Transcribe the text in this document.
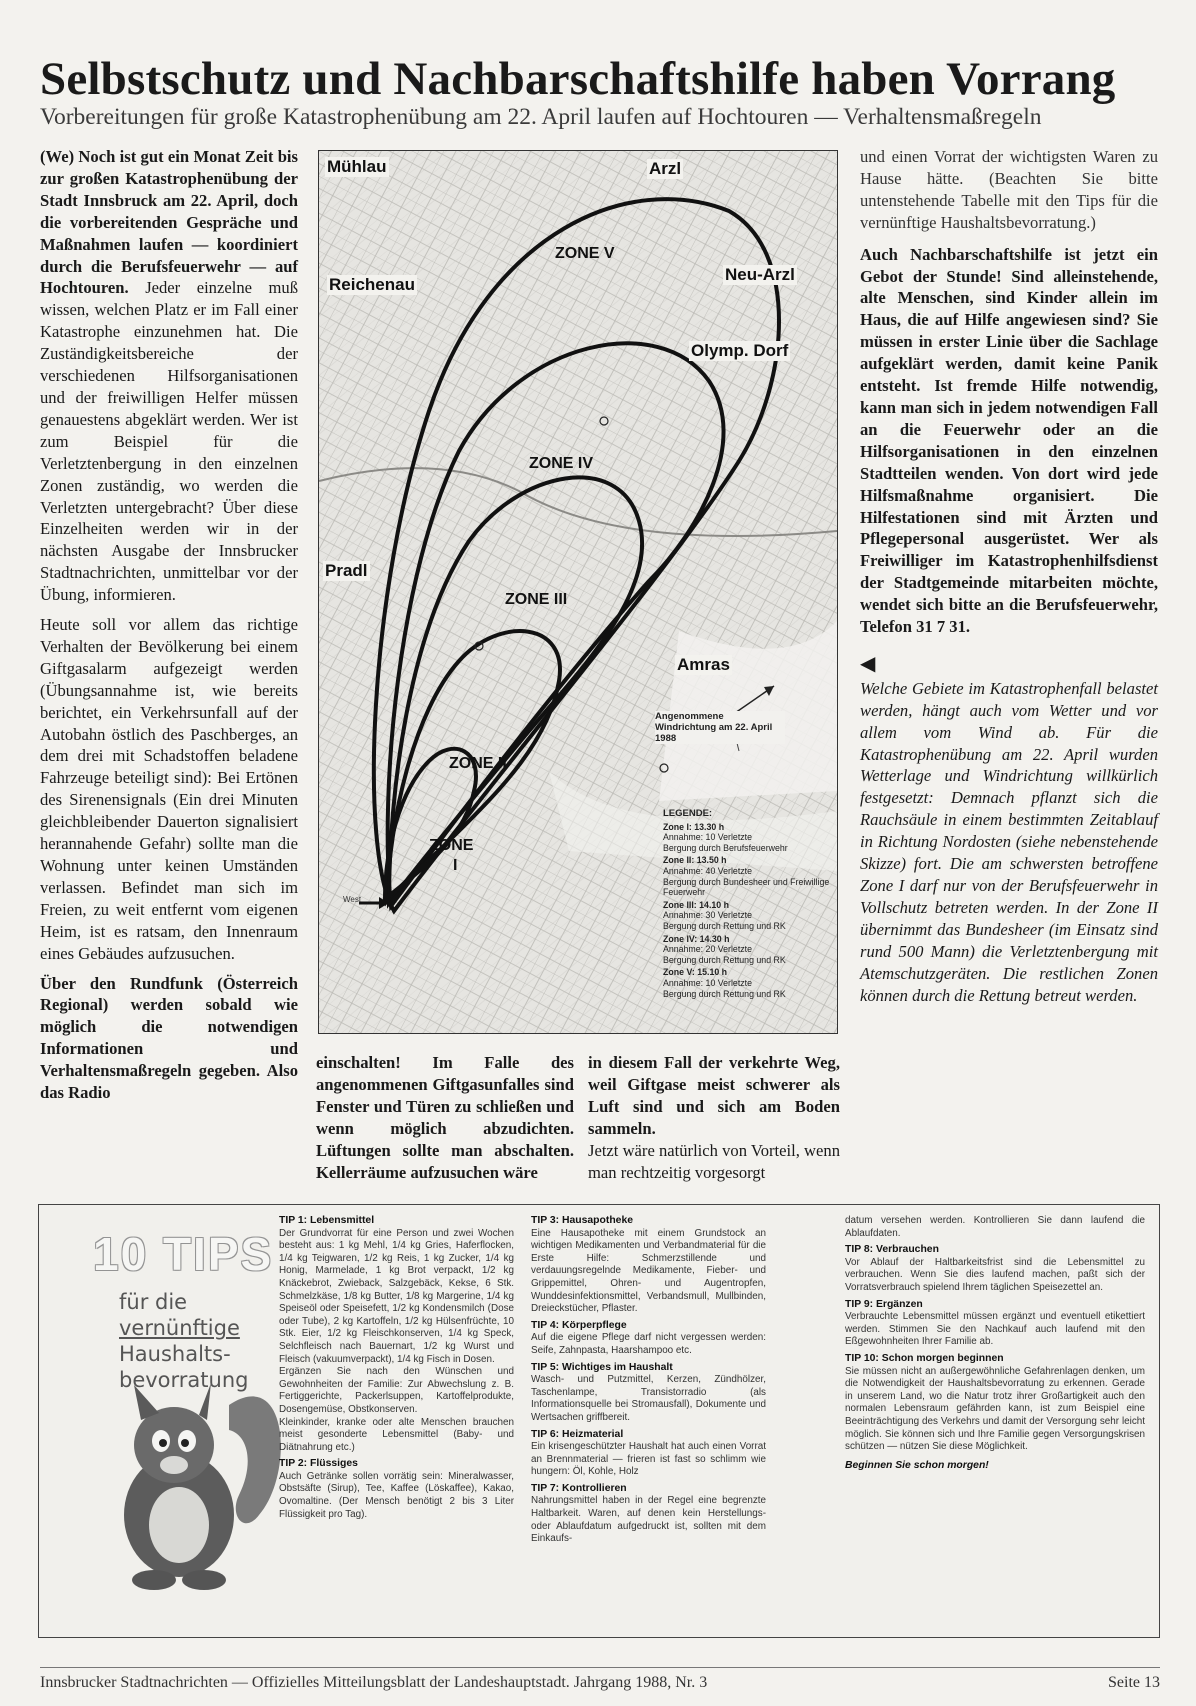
Selbstschutz und Nachbarschaftshilfe haben Vorrang
Vorbereitungen für große Katastrophenübung am 22. April laufen auf Hochtouren — Verhaltensmaßregeln

(We) Noch ist gut ein Monat Zeit bis zur großen Katastrophenübung der Stadt Innsbruck am 22. April, doch die vorbereitenden Gespräche und Maßnahmen laufen — koordiniert durch die Berufsfeuerwehr — auf Hochtouren. Jeder einzelne muß wissen, welchen Platz er im Fall einer Katastrophe einzunehmen hat. Die Zuständigkeitsbereiche der verschiedenen Hilfsorganisationen und der freiwilligen Helfer müssen genauestens abgeklärt werden. Wer ist zum Beispiel für die Verletztenbergung in den einzelnen Zonen zuständig, wo werden die Verletzten untergebracht? Über diese Einzelheiten werden wir in der nächsten Ausgabe der Innsbrucker Stadtnachrichten, unmittelbar vor der Übung, informieren.

Heute soll vor allem das richtige Verhalten der Bevölkerung bei einem Giftgasalarm aufgezeigt werden (Übungsannahme ist, wie bereits berichtet, ein Verkehrsunfall auf der Autobahn östlich des Paschberges, an dem drei mit Schadstoffen beladene Fahrzeuge beteiligt sind): Bei Ertönen des Sirenensignals (Ein drei Minuten gleichbleibender Dauerton signalisiert herannahende Gefahr) sollte man die Wohnung unter keinen Umständen verlassen. Befindet man sich im Freien, zu weit entfernt vom eigenen Heim, ist es ratsam, den Innenraum eines Gebäudes aufzusuchen.

Über den Rundfunk (Österreich Regional) werden sobald wie möglich die notwendigen Informationen und Verhaltensmaßregeln gegeben. Also das Radio

Mühlau	Arzl
Reichenau
Neu-Arzl
Olymp. Dorf
Pradl
Amras
ZONE V
ZONE IV
ZONE III
ZONE II
ZONE
I
West
Angenommene Windrichtung am 22. April 1988
LEGENDE:
Zone I: 13.30 h
Annahme: 10 Verletzte
Bergung durch Berufsfeuerwehr
Zone II: 13.50 h
Annahme: 40 Verletzte
Bergung durch Bundesheer und Freiwillige Feuerwehr
Zone III: 14.10 h
Annahme: 30 Verletzte
Bergung durch Rettung und RK
Zone IV: 14.30 h
Annahme: 20 Verletzte
Bergung durch Rettung und RK
Zone V: 15.10 h
Annahme: 10 Verletzte
Bergung durch Rettung und RK

einschalten! Im Falle des angenommenen Giftgasunfalles sind Fenster und Türen zu schließen und wenn möglich abzudichten. Lüftungen sollte man abschalten. Kellerräume aufzusuchen wäre

in diesem Fall der verkehrte Weg, weil Giftgase meist schwerer als Luft sind und sich am Boden sammeln.

Jetzt wäre natürlich von Vorteil, wenn man rechtzeitig vorgesorgt

und einen Vorrat der wichtigsten Waren zu Hause hätte. (Beachten Sie bitte untenstehende Tabelle mit den Tips für die vernünftige Haushaltsbevorratung.)

Auch Nachbarschaftshilfe ist jetzt ein Gebot der Stunde! Sind alleinstehende, alte Menschen, sind Kinder allein im Haus, die auf Hilfe angewiesen sind? Sie müssen in erster Linie über die Sachlage aufgeklärt werden, damit keine Panik entsteht. Ist fremde Hilfe notwendig, kann man sich in jedem notwendigen Fall an die Feuerwehr oder an die Hilfsorganisationen in den einzelnen Stadtteilen wenden. Von dort wird jede Hilfsmaßnahme organisiert. Die Hilfestationen sind mit Ärzten und Pflegepersonal ausgerüstet. Wer als Freiwilliger im Katastrophenhilfsdienst der Stadtgemeinde mitarbeiten möchte, wendet sich bitte an die Berufsfeuerwehr, Telefon 31 7 31.

◀

Welche Gebiete im Katastrophenfall belastet werden, hängt auch vom Wetter und vor allem vom Wind ab. Für die Katastrophenübung am 22. April wurden Wetterlage und Windrichtung willkürlich festgesetzt: Demnach pflanzt sich die Rauchsäule in einem bestimmten Zeitablauf in Richtung Nordosten (siehe nebenstehende Skizze) fort. Die am schwersten betroffene Zone I darf nur von der Berufsfeuerwehr in Vollschutz betreten werden. In der Zone II übernimmt das Bundesheer (im Einsatz sind rund 500 Mann) die Verletztenbergung mit Atemschutzgeräten. Die restlichen Zonen können durch die Rettung betreut werden.

10 TIPS
für die
vernünftige
Haushalts-
bevorratung
TIP 1: Lebensmittel

Der Grundvorrat für eine Person und zwei Wochen besteht aus: 1 kg Mehl, 1/4 kg Gries, Haferflocken, 1/4 kg Teigwaren, 1/2 kg Reis, 1 kg Zucker, 1/4 kg Honig, Marmelade, 1 kg Brot verpackt, 1/2 kg Knäckebrot, Zwieback, Salzgebäck, Kekse, 6 Stk. Schmelzkäse, 1/8 kg Butter, 1/8 kg Margerine, 1/4 kg Speiseöl oder Speisefett, 1/2 kg Kondensmilch (Dose oder Tube), 2 kg Kartoffeln, 1/2 kg Hülsenfrüchte, 10 Stk. Eier, 1/2 kg Fleischkonserven, 1/4 kg Speck, Selchfleisch nach Bauernart, 1/2 kg Wurst und Fleisch (vakuumverpackt), 1/4 kg Fisch in Dosen.

Ergänzen Sie nach den Wünschen und Gewohnheiten der Familie: Zur Abwechslung z. B. Fertiggerichte, Packerlsuppen, Kartoffelprodukte, Dosengemüse, Obstkonserven.

Kleinkinder, kranke oder alte Menschen brauchen meist gesonderte Lebensmittel (Baby- und Diätnahrung etc.)

TIP 2: Flüssiges

Auch Getränke sollen vorrätig sein: Mineralwasser, Obstsäfte (Sirup), Tee, Kaffee (Löskaffee), Kakao, Ovomaltine. (Der Mensch benötigt 2 bis 3 Liter Flüssigkeit pro Tag).

TIP 3: Hausapotheke

Eine Hausapotheke mit einem Grundstock an wichtigen Medikamenten und Verbandmaterial für die Erste Hilfe: Schmerzstillende und verdauungsregelnde Medikamente, Fieber- und Grippemittel, Ohren- und Augentropfen, Wunddesinfektionsmittel, Verbandsmull, Mullbinden, Dreieckstücher, Pflaster.

TIP 4: Körperpflege

Auf die eigene Pflege darf nicht vergessen werden: Seife, Zahnpasta, Haarshampoo etc.

TIP 5: Wichtiges im Haushalt

Wasch- und Putzmittel, Kerzen, Zündhölzer, Taschenlampe, Transistorradio (als Informationsquelle bei Stromausfall), Dokumente und Wertsachen griffbereit.

TIP 6: Heizmaterial

Ein krisengeschützter Haushalt hat auch einen Vorrat an Brennmaterial — frieren ist fast so schlimm wie hungern: Öl, Kohle, Holz

TIP 7: Kontrollieren

Nahrungsmittel haben in der Regel eine begrenzte Haltbarkeit. Waren, auf denen kein Herstellungs- oder Ablaufdatum aufgedruckt ist, sollten mit dem Einkaufs-

datum versehen werden. Kontrollieren Sie dann laufend die Ablaufdaten.

TIP 8: Verbrauchen

Vor Ablauf der Haltbarkeitsfrist sind die Lebensmittel zu verbrauchen. Wenn Sie dies laufend machen, paßt sich der Vorratsverbrauch spielend Ihrem täglichen Speisezettel an.

TIP 9: Ergänzen

Verbrauchte Lebensmittel müssen ergänzt und eventuell etikettiert werden. Stimmen Sie den Nachkauf auch laufend mit den Eßgewohnheiten Ihrer Familie ab.

TIP 10: Schon morgen beginnen

Sie müssen nicht an außergewöhnliche Gefahrenlagen denken, um die Notwendigkeit der Haushaltsbevorratung zu erkennen. Gerade in unserem Land, wo die Natur trotz ihrer Großartigkeit auch den normalen Lebensraum gefährden kann, ist zum Beispiel eine Beeinträchtigung des Verkehrs und damit der Versorgung sehr leicht möglich. Sie können sich und Ihre Familie gegen Versorgungskrisen schützen — nützen Sie diese Möglichkeit.

Beginnen Sie schon morgen!
Innsbrucker Stadtnachrichten — Offizielles Mitteilungsblatt der Landeshauptstadt. Jahrgang 1988, Nr. 3	Seite 13
